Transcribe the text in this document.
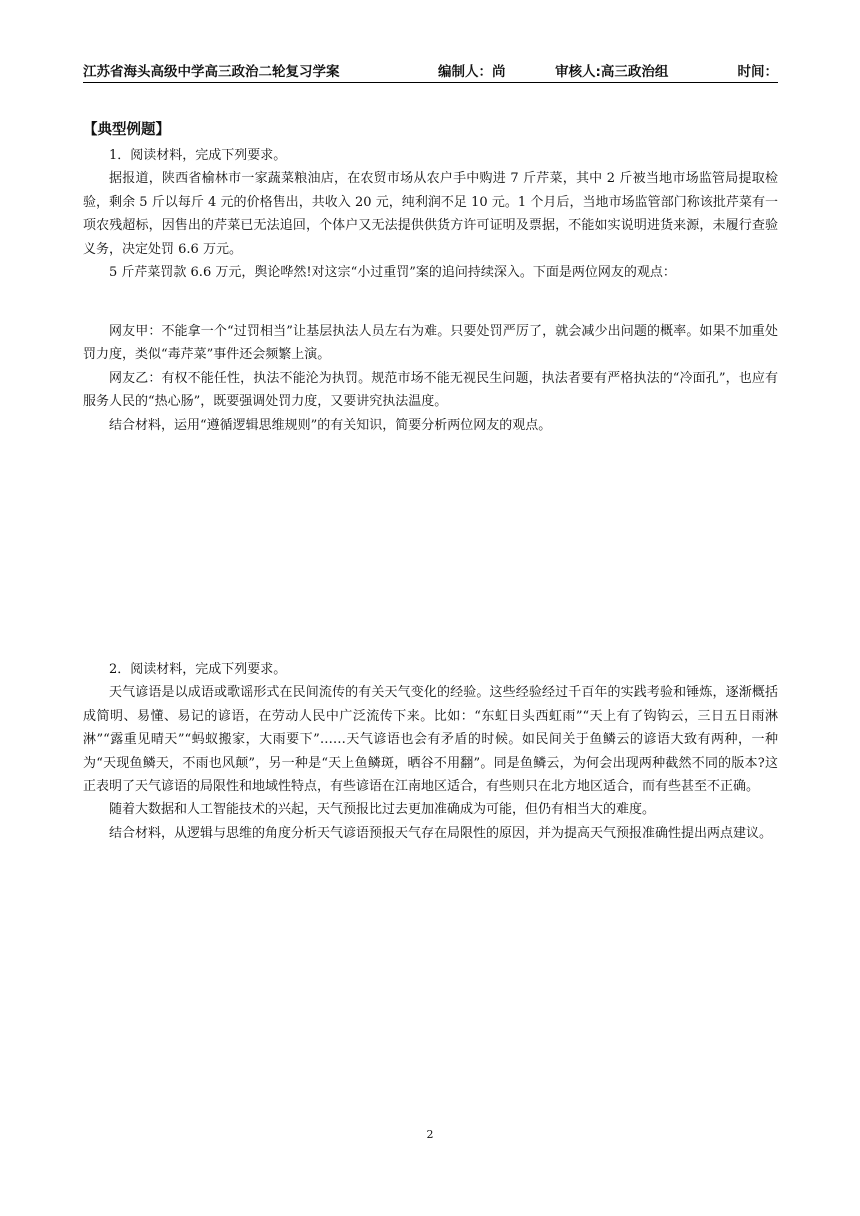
江苏省海头高级中学高三政治二轮复习学案	编制人：尚	审核人:高三政治组	时间：
【典型例题】

1．阅读材料，完成下列要求。

据报道，陕西省榆林市一家蔬菜粮油店，在农贸市场从农户手中购进 7 斤芹菜，其中 2 斤被当地市场监管局提取检验，剩余 5 斤以每斤 4 元的价格售出，共收入 20 元，纯利润不足 10 元。1 个月后，当地市场监管部门称该批芹菜有一项农残超标，因售出的芹菜已无法追回，个体户又无法提供供货方许可证明及票据，不能如实说明进货来源，未履行查验义务，决定处罚 6.6 万元。

5 斤芹菜罚款 6.6 万元，舆论哗然!对这宗“小过重罚”案的追问持续深入。下面是两位网友的观点：

网友甲：不能拿一个“过罚相当”让基层执法人员左右为难。只要处罚严厉了，就会减少出问题的概率。如果不加重处罚力度，类似“毒芹菜”事件还会频繁上演。

网友乙：有权不能任性，执法不能沦为执罚。规范市场不能无视民生问题，执法者要有严格执法的“冷面孔”，也应有服务人民的“热心肠”，既要强调处罚力度，又要讲究执法温度。

结合材料，运用“遵循逻辑思维规则”的有关知识，简要分析两位网友的观点。

2．阅读材料，完成下列要求。

天气谚语是以成语或歌谣形式在民间流传的有关天气变化的经验。这些经验经过千百年的实践考验和锤炼，逐渐概括成简明、易懂、易记的谚语，在劳动人民中广泛流传下来。比如：“东虹日头西虹雨”“天上有了钩钩云，三日五日雨淋淋”“露重见晴天”“蚂蚁搬家，大雨要下”……天气谚语也会有矛盾的时候。如民间关于鱼鳞云的谚语大致有两种，一种为“天现鱼鳞天，不雨也风颠”，另一种是“天上鱼鳞斑，晒谷不用翻”。同是鱼鳞云，为何会出现两种截然不同的版本?这正表明了天气谚语的局限性和地域性特点，有些谚语在江南地区适合，有些则只在北方地区适合，而有些甚至不正确。

随着大数据和人工智能技术的兴起，天气预报比过去更加准确成为可能，但仍有相当大的难度。

结合材料，从逻辑与思维的角度分析天气谚语预报天气存在局限性的原因，并为提高天气预报准确性提出两点建议。

2
